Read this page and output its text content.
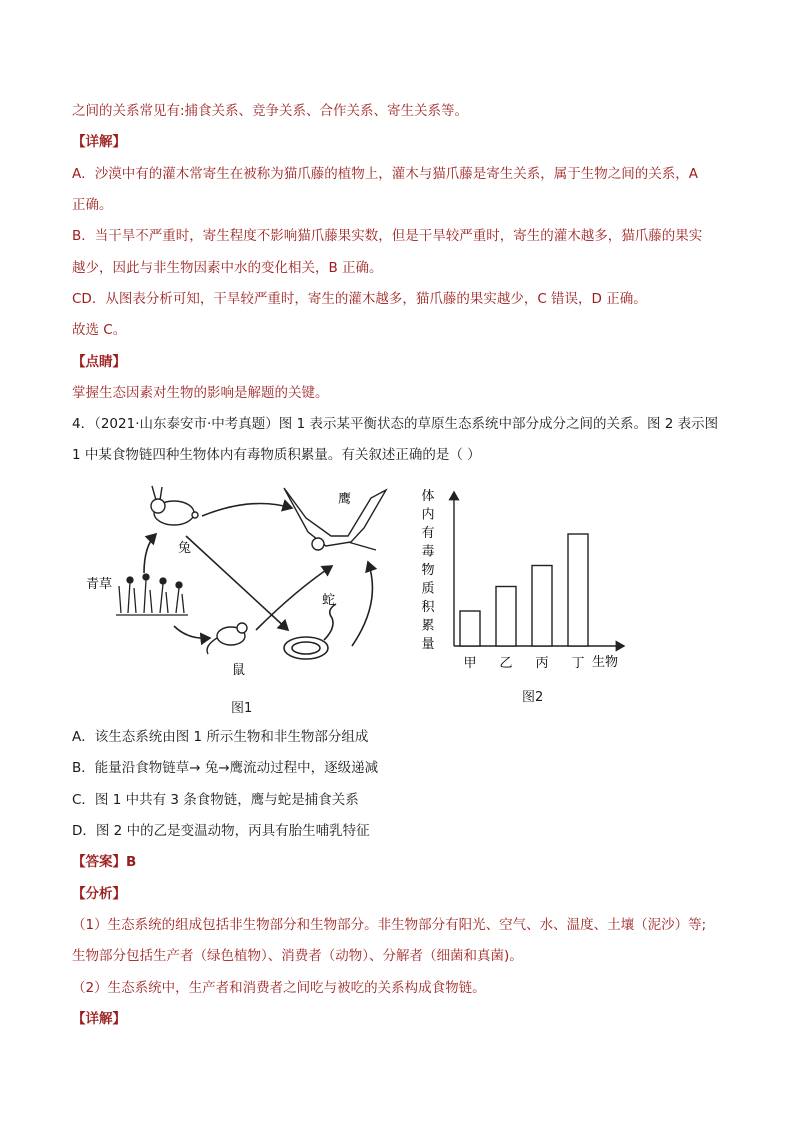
之间的关系常见有:捕食关系、竞争关系、合作关系、寄生关系等。
【详解】
A．沙漠中有的灌木常寄生在被称为猫爪藤的植物上，灌木与猫爪藤是寄生关系，属于生物之间的关系，A
正确。
B．当干旱不严重时，寄生程度不影响猫爪藤果实数，但是干旱较严重时，寄生的灌木越多，猫爪藤的果实
越少，因此与非生物因素中水的变化相关，B 正确。
CD．从图表分析可知，干旱较严重时，寄生的灌木越多，猫爪藤的果实越少，C 错误，D 正确。
故选 C。
【点睛】
掌握生态因素对生物的影响是解题的关键。
4．（2021·山东泰安市·中考真题）图 1 表示某平衡状态的草原生态系统中部分成分之间的关系。图 2 表示图
1 中某食物链四种生物体内有毒物质积累量。有关叙述正确的是（ ）
A．该生态系统由图 1 所示生物和非生物部分组成
B．能量沿食物链草→ 兔→鹰流动过程中，逐级递减
C．图 1 中共有 3 条食物链，鹰与蛇是捕食关系
D．图 2 中的乙是变温动物，丙具有胎生哺乳特征
【答案】B
【分析】
（1）生态系统的组成包括非生物部分和生物部分。非生物部分有阳光、空气、水、温度、土壤（泥沙）等;
生物部分包括生产者（绿色植物）、消费者（动物）、分解者（细菌和真菌)。
（2）生态系统中，生产者和消费者之间吃与被吃的关系构成食物链。
【详解】
兔
青草
鼠
鹰
蛇
图1
体
内
有
毒
物
质
积
累
量
甲 乙 丙 丁 生物
图2
